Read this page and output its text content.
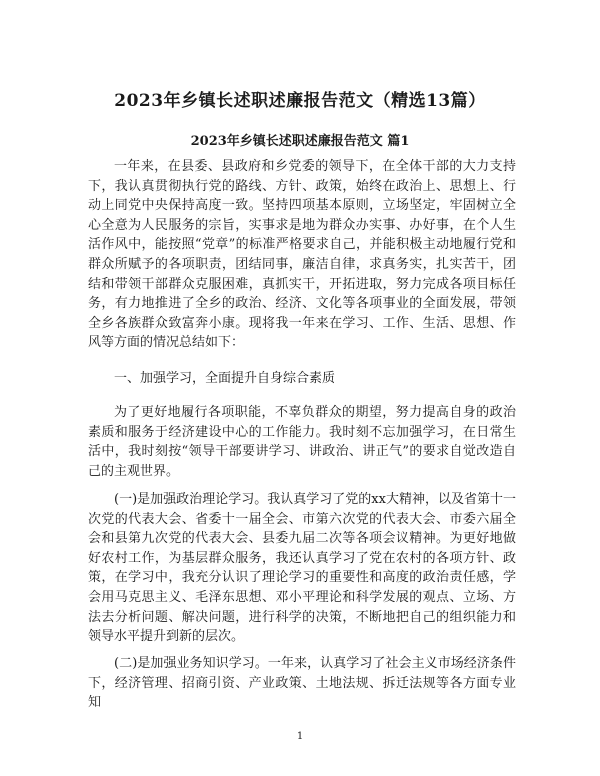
2023年乡镇长述职述廉报告范文（精选13篇）
2023年乡镇长述职述廉报告范文 篇1

一年来，在县委、县政府和乡党委的领导下，在全体干部的大力支持下，我认真贯彻执行党的路线、方针、政策，始终在政治上、思想上、行动上同党中央保持高度一致。坚持四项基本原则，立场坚定，牢固树立全心全意为人民服务的宗旨，实事求是地为群众办实事、办好事，在个人生活作风中，能按照“党章”的标准严格要求自己，并能积极主动地履行党和群众所赋予的各项职责，团结同事，廉洁自律，求真务实，扎实苦干，团结和带领干部群众克服困难，真抓实干，开拓进取，努力完成各项目标任务，有力地推进了全乡的政治、经济、文化等各项事业的全面发展，带领全乡各族群众致富奔小康。现将我一年来在学习、工作、生活、思想、作风等方面的情况总结如下：

一、加强学习，全面提升自身综合素质

为了更好地履行各项职能，不辜负群众的期望，努力提高自身的政治素质和服务于经济建设中心的工作能力。我时刻不忘加强学习，在日常生活中，我时刻按“领导干部要讲学习、讲政治、讲正气”的要求自觉改造自己的主观世界。

(一)是加强政治理论学习。我认真学习了党的xx大精神，以及省第十一次党的代表大会、省委十一届全会、市第六次党的代表大会、市委六届全会和县第九次党的代表大会、县委九届二次等各项会议精神。为更好地做好农村工作，为基层群众服务，我还认真学习了党在农村的各项方针、政策，在学习中，我充分认识了理论学习的重要性和高度的政治责任感，学会用马克思主义、毛泽东思想、邓小平理论和科学发展的观点、立场、方法去分析问题、解决问题，进行科学的决策，不断地把自己的组织能力和领导水平提升到新的层次。

(二)是加强业务知识学习。一年来，认真学习了社会主义市场经济条件下，经济管理、招商引资、产业政策、土地法规、拆迁法规等各方面专业知

1
